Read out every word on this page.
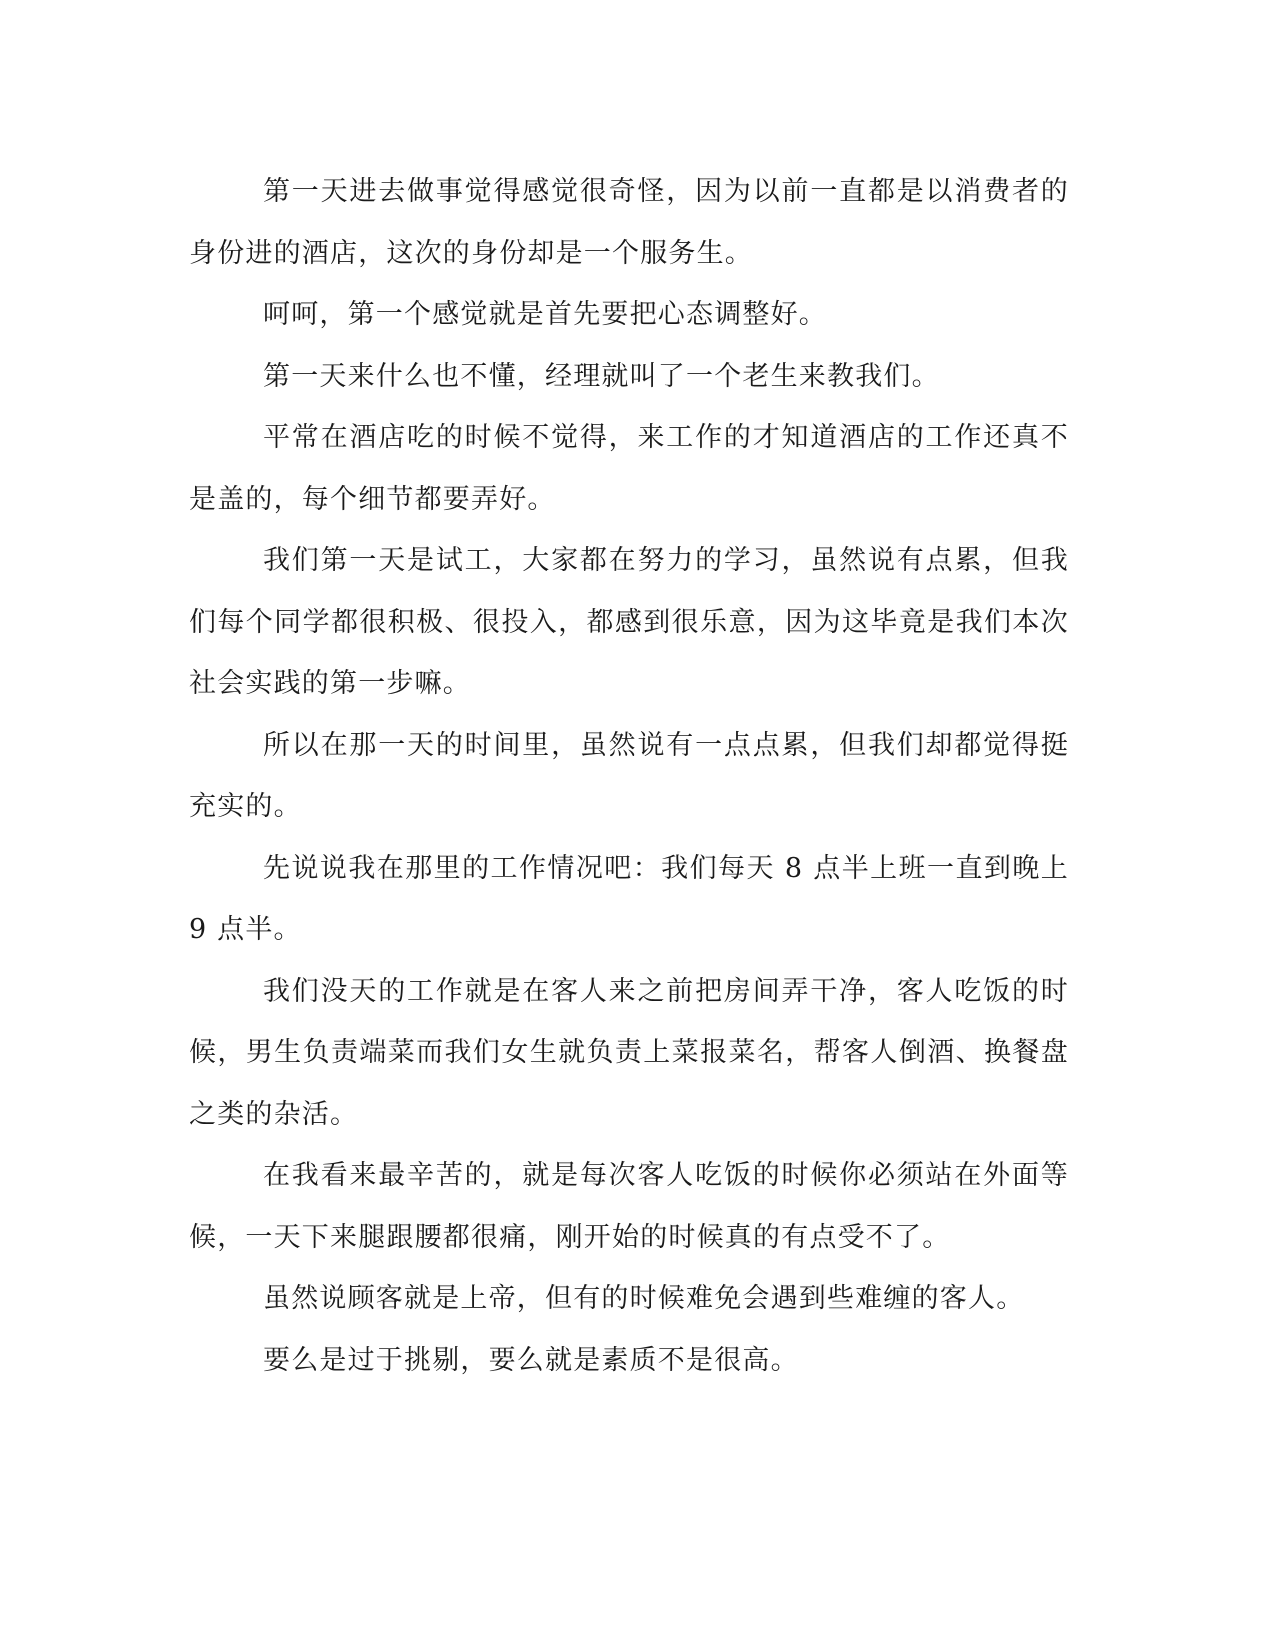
第一天进去做事觉得感觉很奇怪，因为以前一直都是以消费者的身份进的酒店，这次的身份却是一个服务生。

呵呵，第一个感觉就是首先要把心态调整好。

第一天来什么也不懂，经理就叫了一个老生来教我们。

平常在酒店吃的时候不觉得，来工作的才知道酒店的工作还真不是盖的，每个细节都要弄好。

我们第一天是试工，大家都在努力的学习，虽然说有点累，但我们每个同学都很积极、很投入，都感到很乐意，因为这毕竟是我们本次社会实践的第一步嘛。

所以在那一天的时间里，虽然说有一点点累，但我们却都觉得挺充实的。

先说说我在那里的工作情况吧：我们每天 8 点半上班一直到晚上 9 点半。

我们没天的工作就是在客人来之前把房间弄干净，客人吃饭的时候，男生负责端菜而我们女生就负责上菜报菜名，帮客人倒酒、换餐盘之类的杂活。

在我看来最辛苦的，就是每次客人吃饭的时候你必须站在外面等候，一天下来腿跟腰都很痛，刚开始的时候真的有点受不了。

虽然说顾客就是上帝，但有的时候难免会遇到些难缠的客人。

要么是过于挑剔，要么就是素质不是很高。
